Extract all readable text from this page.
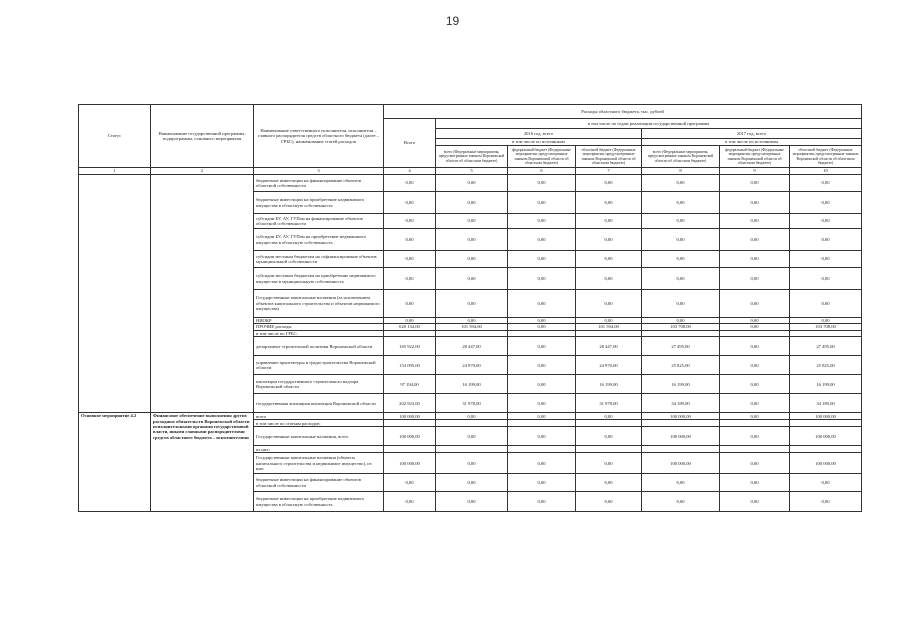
19
Статус	Наименование государственной программы, подпрограммы, основного мероприятия	Наименование ответственного исполнителя, исполнителя – главного распорядителя средств областного бюджета (далее – ГРБС), наименование статей расходов	Расходы областного бюджета, тыс. рублей						
			Всего	в том числе по годам реализации государственной программы					
				2016 год, всего			2017 год, всего		
				в том числе по источникам			в том числе по источникам		
				всего (Федеральные мероприятия, предусмотренные законом Воронежской области об областном бюджете)	федеральный бюджет (Федеральные мероприятия, предусмотренные законом Воронежской области об областном бюджете)	областной бюджет (Федеральные мероприятия, предусмотренные законом Воронежской области об областном бюджете)	всего (Федеральные мероприятия, предусмотренные законом Воронежской области об областном бюджете)	федеральный бюджет (Федеральные мероприятия, предусмотренные законом Воронежской области об областном бюджете)	областной бюджет (Федеральные мероприятия, предусмотренные законом Воронежской области об областном бюджете)
1	2	3	4	5	6	7	8	9	10
		бюджетные инвестиции на финансирование объектов областной собственности	0,00	0,00	0,00	0,00	0,00	0,00	0,00
		бюджетные инвестиции на приобретение недвижимого имущества в областную собственность	0,00	0,00	0,00	0,00	0,00	0,00	0,00
		субсидии БУ, АУ, ГУПам на финансирование объектов областной собственности	0,00	0,00	0,00	0,00	0,00	0,00	0,00
		субсидии БУ, АУ, ГУПам на приобретение недвижимого имущества в областную собственность	0,00	0,00	0,00	0,00	0,00	0,00	0,00
		субсидии местным бюджетам на софинансирование объектов муниципальной собственности	0,00	0,00	0,00	0,00	0,00	0,00	0,00
		субсидии местным бюджетам на приобретение недвижимого имущества в муниципальную собственность	0,00	0,00	0,00	0,00	0,00	0,00	0,00
		Государственные капитальные вложения (за исключением объектов капитального строительства и объектов недвижимого имущества)	0,00	0,00	0,00	0,00	0,00	0,00	0,00
		НИОКР	0,00	0,00	0,00	0,00	0,00	0,00	0,00
		ПРОЧИЕ расходы	620 134,00	101 594,00	0,00	101 594,00	103 708,00	0,00	103 708,00
		в том числе по ГРБС:							
		департамент строительной политики Воронежской области	165 922,00	28 447,00	0,00	28 447,00	27 495,00	0,00	27 495,00
		управление архитектуры и градостроительства Воронежской области	154 095,00	24 970,00	0,00	24 970,00	25 825,00	0,00	25 825,00
		инспекция государственного строительного надзора Воронежской области	97 194,00	16 199,00	0,00	16 199,00	16 199,00	0,00	16 199,00
		государственная жилищная инспекция Воронежской области	202 923,00	31 978,00	0,00	31 978,00	34 189,00	0,00	34 189,00
Основное мероприятие 4.2	Финансовое обеспечение выполнения других расходных обязательств Воронежской области исполнительными органами государственной власти, иными главными распорядителями средств областного бюджета – исполнителями	всего	100 000,00	0,00	0,00	0,00	100 000,00	0,00	100 000,00
		в том числе по статьям расходов:							
		Государственные капитальные вложения, всего	100 000,00	0,00	0,00	0,00	100 000,00	0,00	100 000,00
		из них:							
		Государственные капитальные вложения (объекты капитального строительства и недвижимое имущество), из них:	100 000,00	0,00	0,00	0,00	100 000,00	0,00	100 000,00
		бюджетные инвестиции на финансирование объектов областной собственности	0,00	0,00	0,00	0,00	0,00	0,00	0,00
		бюджетные инвестиции на приобретение недвижимого имущества в областную собственность	0,00	0,00	0,00	0,00	0,00	0,00	0,00
